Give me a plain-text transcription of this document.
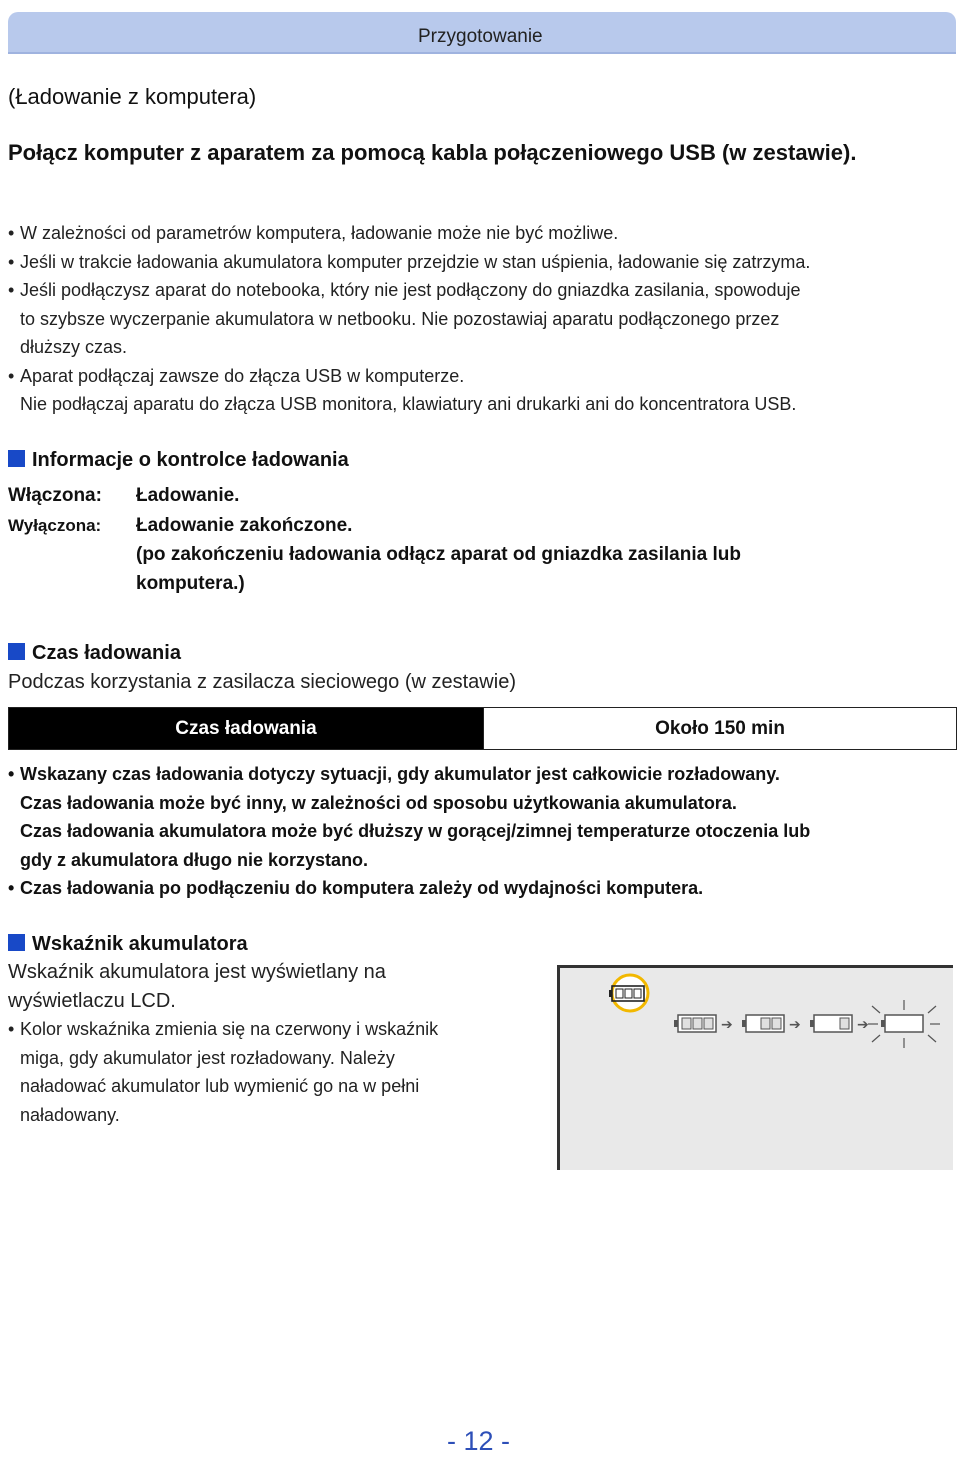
Przygotowanie
(Ładowanie z komputera)
Połącz komputer z aparatem za pomocą kabla połączeniowego USB (w zestawie).
• W zależności od parametrów komputera, ładowanie może nie być możliwe.
• Jeśli w trakcie ładowania akumulatora komputer przejdzie w stan uśpienia, ładowanie się zatrzyma.
• Jeśli podłączysz aparat do notebooka, który nie jest podłączony do gniazdka zasilania, spowoduje
to szybsze wyczerpanie akumulatora w netbooku. Nie pozostawiaj aparatu podłączonego przez
dłuższy czas.
• Aparat podłączaj zawsze do złącza USB w komputerze.
Nie podłączaj aparatu do złącza USB monitora, klawiatury ani drukarki ani do koncentratora USB.
Informacje o kontrolce ładowania
Włączona: Ładowanie.
Wyłączona: Ładowanie zakończone.
(po zakończeniu ładowania odłącz aparat od gniazdka zasilania lub
komputera.)
Czas ładowania
Podczas korzystania z zasilacza sieciowego (w zestawie)
Czas ładowania	Około 150 min
• Wskazany czas ładowania dotyczy sytuacji, gdy akumulator jest całkowicie rozładowany.
Czas ładowania może być inny, w zależności od sposobu użytkowania akumulatora.
Czas ładowania akumulatora może być dłuższy w gorącej/zimnej temperaturze otoczenia lub
gdy z akumulatora długo nie korzystano.
• Czas ładowania po podłączeniu do komputera zależy od wydajności komputera.
Wskaźnik akumulatora
Wskaźnik akumulatora jest wyświetlany na
wyświetlaczu LCD.
• Kolor wskaźnika zmienia się na czerwony i wskaźnik
miga, gdy akumulator jest rozładowany. Należy
naładować akumulator lub wymienić go na w pełni
naładowany.
➔	➔	➔
- 12 -
